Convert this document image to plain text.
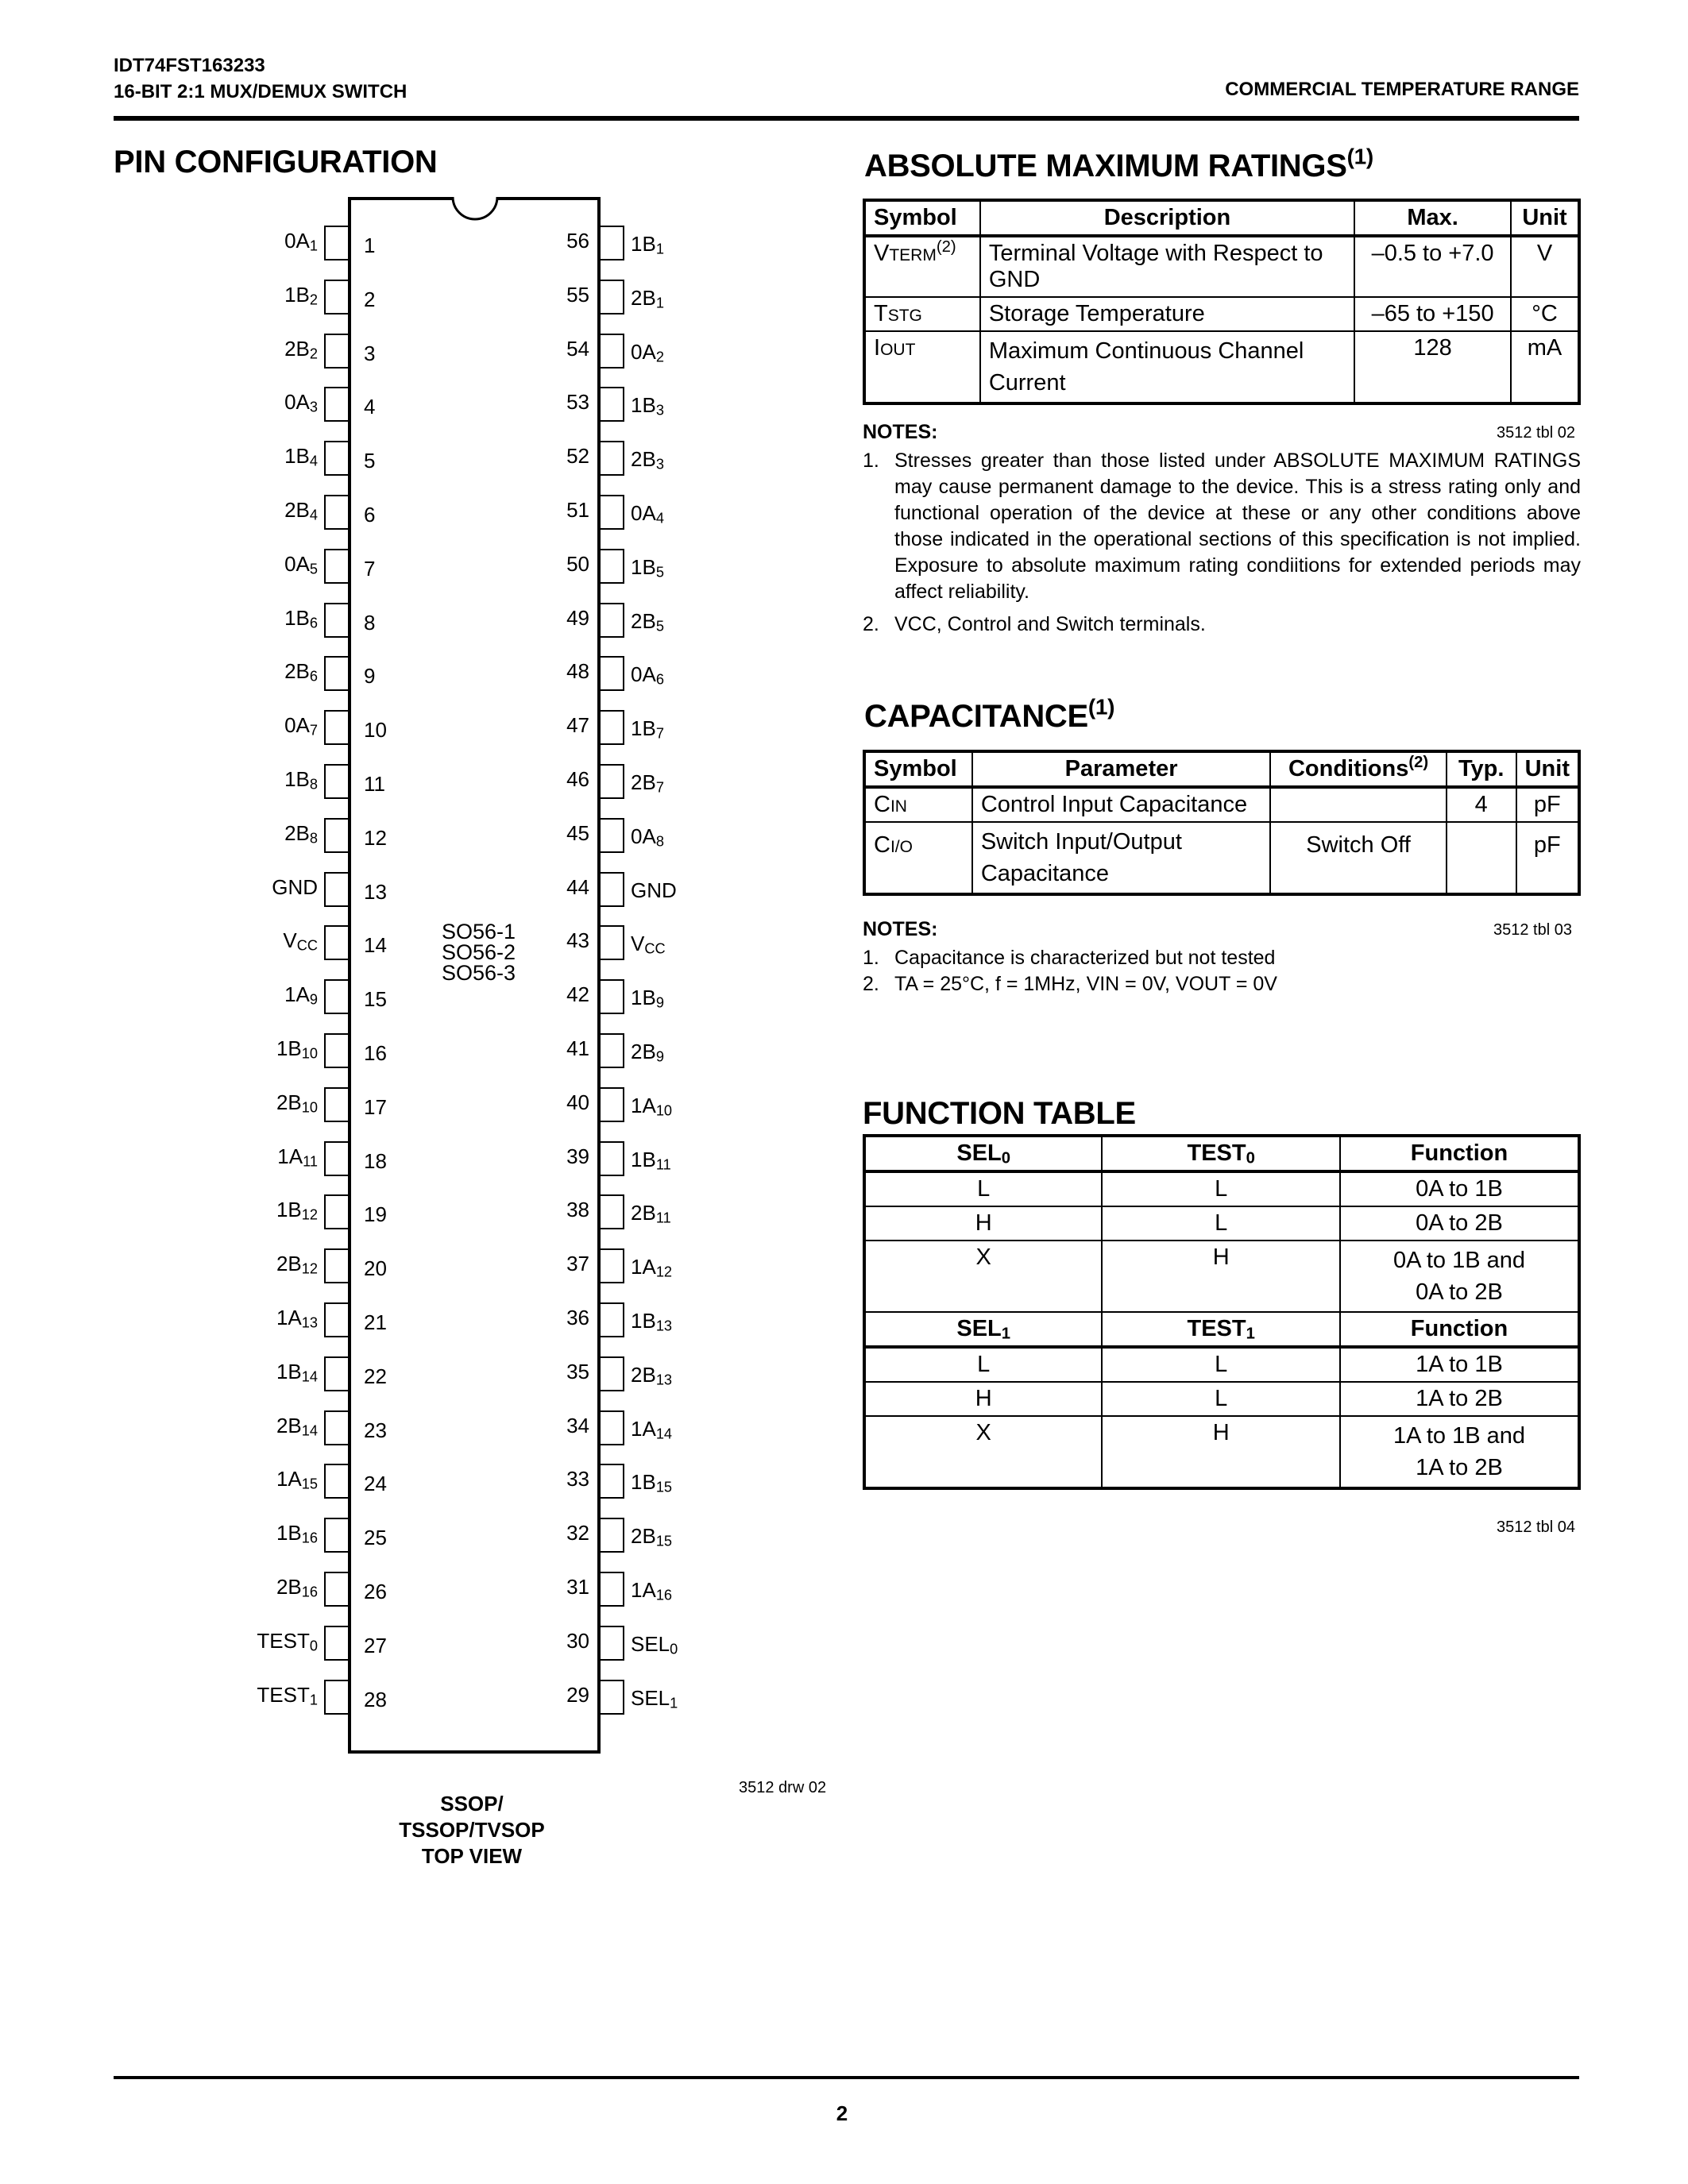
IDT74FST163233
16-BIT 2:1 MUX/DEMUX SWITCH	COMMERCIAL TEMPERATURE RANGE
PIN CONFIGURATION
$0A_1$ 1
$1B_2$ 2
$2B_2$ 3
$0A_3$ 4
$1B_4$ 5
$2B_4$ 6
$0A_5$ 7
$1B_6$ 8
$2B_6$ 9
$0A_7$ 10
$1B_8$ 11
$2B_8$ 12
GND 13
$V_{CC}$ 14
$1A_9$ 15
$1B_{10}$ 16
$2B_{10}$ 17
$1A_{11}$ 18
$1B_{12}$ 19
$2B_{12}$ 20
$1A_{13}$ 21
$1B_{14}$ 22
$2B_{14}$ 23
$1A_{15}$ 24
$1B_{16}$ 25
$2B_{16}$ 26
$TEST_0$ 27
$TEST_1$ 28
$1B_1$
56
$2B_1$
55
$0A_2$
54
$1B_3$
53
$2B_3$
52
$0A_4$
51
$1B_5$
50
$2B_5$
49
$0A_6$
48
$1B_7$
47
$2B_7$
46
$0A_8$
45
GND
44
$V_{CC}$
43
$1B_9$
42
$2B_9$
41
$1A_{10}$
40
$1B_{11}$
39
$2B_{11}$
38
$1A_{12}$
37
$1B_{13}$
36
$2B_{13}$
35
$1A_{14}$
34
$1B_{15}$
33
$2B_{15}$
32
$1A_{16}$
31
$SEL_0$
30
$SEL_1$
29
SO56-1
SO56-2
SO56-3
3512 drw 02
SSOP/
TSSOP/TVSOP
TOP VIEW
ABSOLUTE MAXIMUM RATINGS$^{(1)}$
Symbol	Description	Max.	Unit
VTERM$^{(2)}$	Terminal Voltage with Respect to GND	–0.5 to +7.0	V
TSTG	Storage Temperature	–65 to +150	°C
IOUT	Maximum Continuous Channel Current	128	mA
NOTES:	3512 tbl 02
1. Stresses greater than those listed under ABSOLUTE MAXIMUM RATINGS may cause permanent damage to the device. This is a stress rating only and functional operation of the device at these or any other conditions above those indicated in the operational sections of this specification is not implied. Exposure to absolute maximum rating condiitions for extended periods may affect reliability.
2. VCC, Control and Switch terminals.
CAPACITANCE$^{(1)}$
Symbol	Parameter	Conditions$^{(2)}$	Typ.	Unit
CIN	Control Input Capacitance		4	pF
CI/O	Switch Input/Output Capacitance	Switch Off		pF
NOTES:	3512 tbl 03
1. Capacitance is characterized but not tested
2. TA = 25°C, f = 1MHz, VIN = 0V, VOUT = 0V
FUNCTION TABLE
$SEL_0$	$TEST_0$	Function
L	L	0A to 1B
H	L	0A to 2B
X	H	0A to 1B and 0A to 2B
$SEL_1$	$TEST_1$	Function
L	L	1A to 1B
H	L	1A to 2B
X	H	1A to 1B and 1A to 2B
3512 tbl 04
2
